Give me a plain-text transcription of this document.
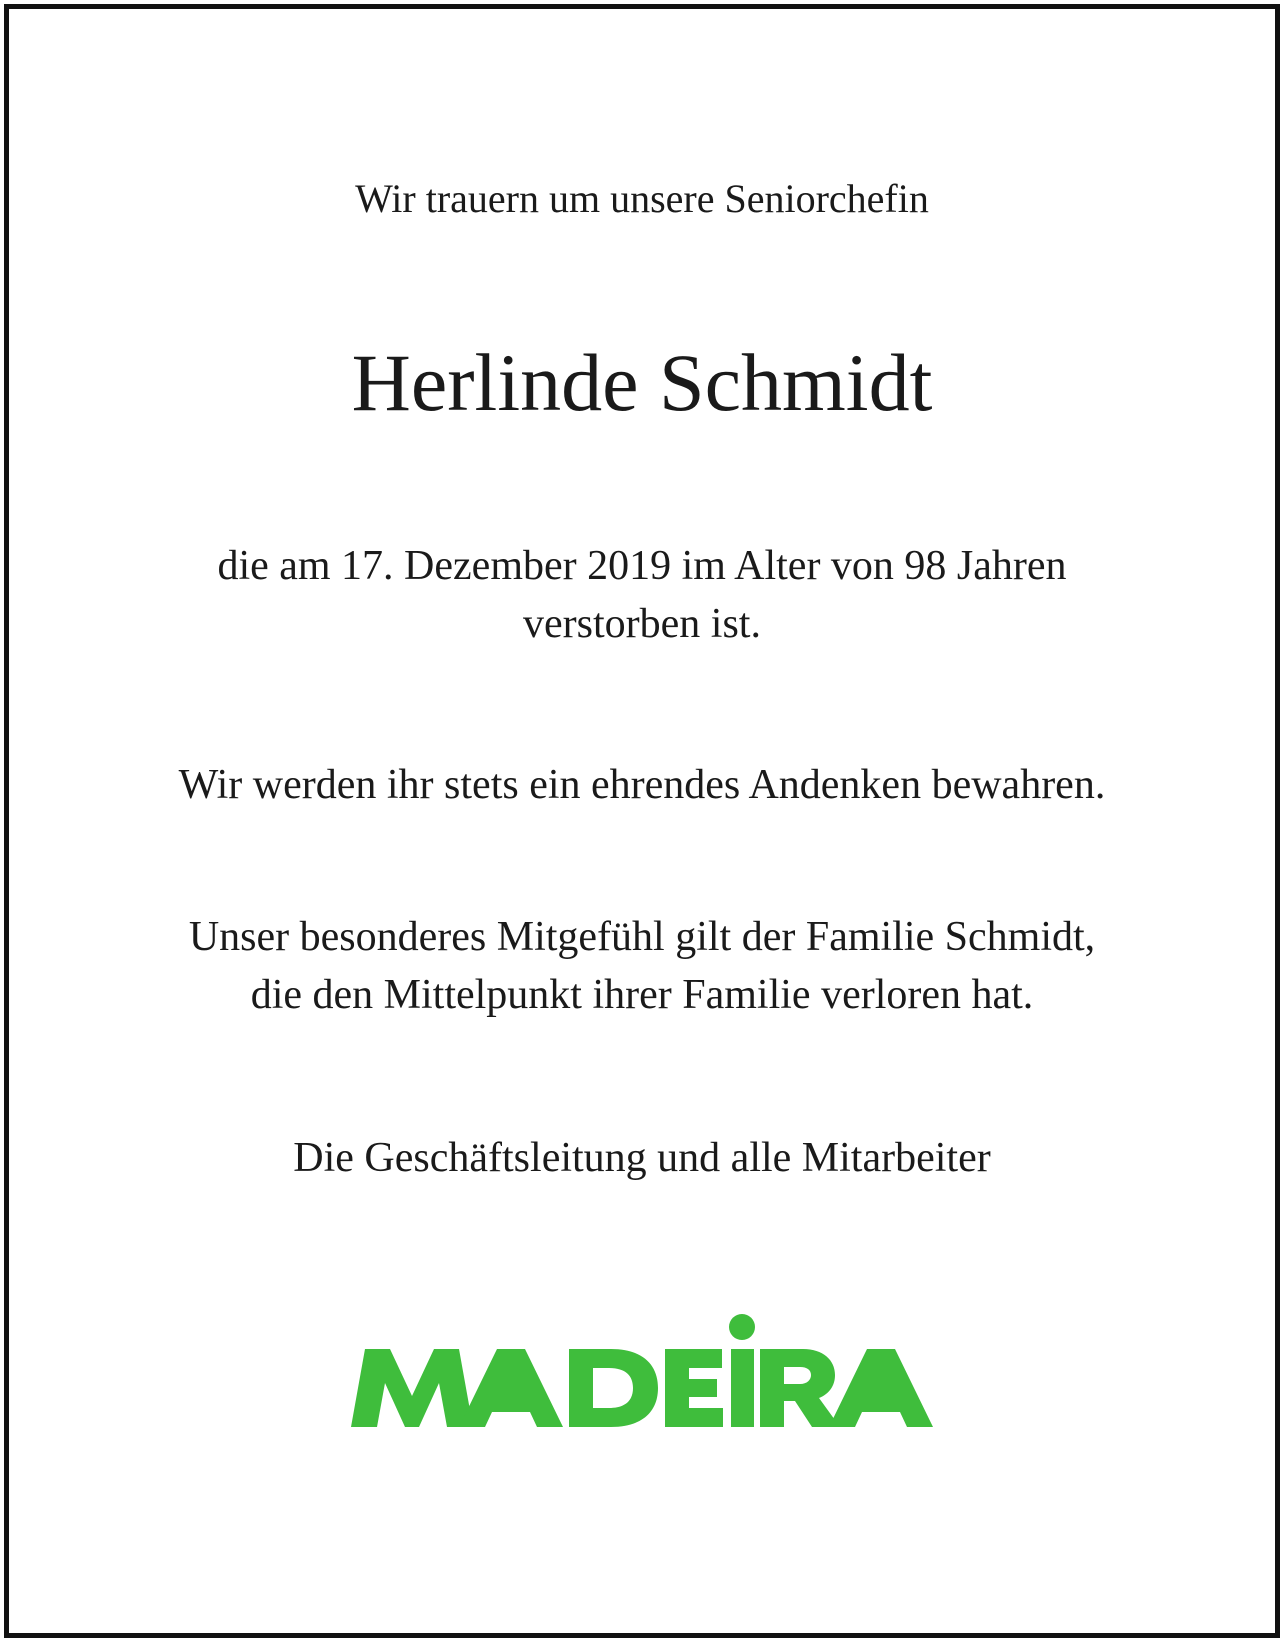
Wir trauern um unsere Seniorchefin

Herlinde Schmidt

die am 17. Dezember 2019 im Alter von 98 Jahren
verstorben ist.

Wir werden ihr stets ein ehrendes Andenken bewahren.

Unser besonderes Mitgefühl gilt der Familie Schmidt,
die den Mittelpunkt ihrer Familie verloren hat.

Die Geschäftsleitung und alle Mitarbeiter

MADEIRA
